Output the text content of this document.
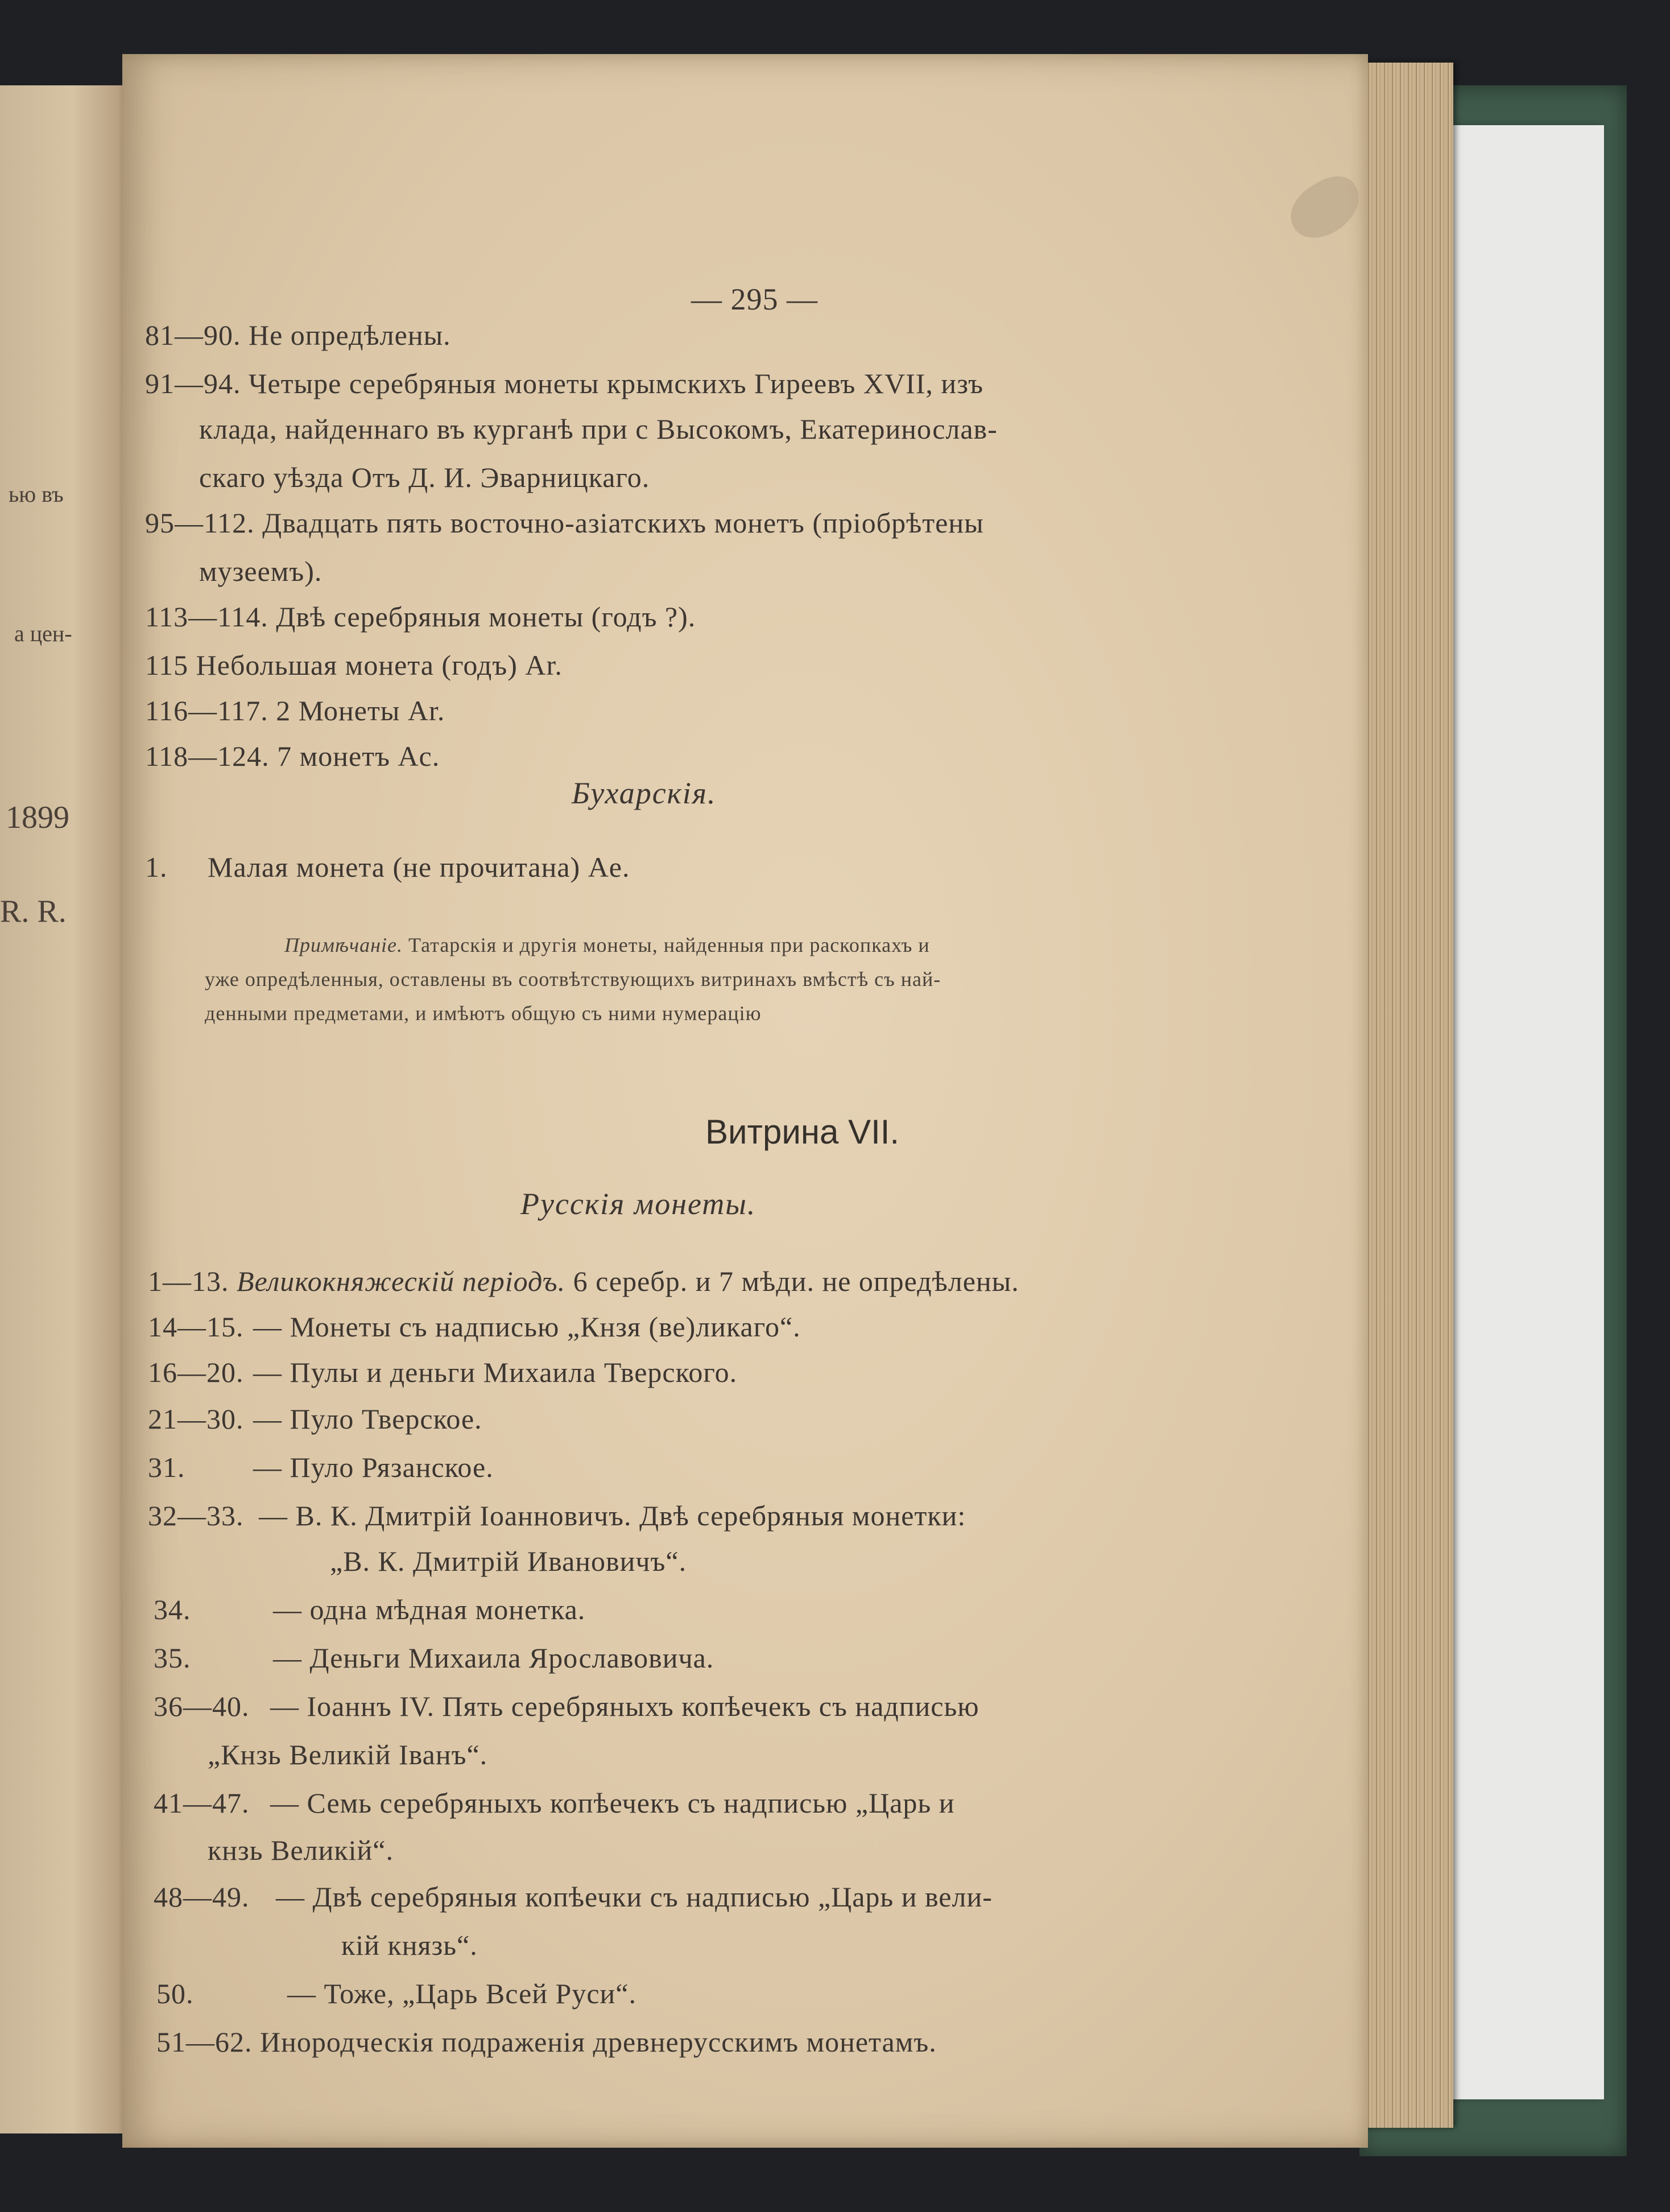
ью въ
а цен-
1899
R. R.
— 295 —
81—90. Не опредѣлены.
91—94. Четыре серебряныя монеты крымскихъ Гиреевъ XVII, изъ
клада, найденнаго въ курганѣ при с Высокомъ, Екатеринослав-
скаго уѣзда Отъ Д. И. Эварницкаго.
95—112. Двадцать пять восточно-азіатскихъ монетъ (пріобрѣтены
музеемъ).
113—114. Двѣ серебряныя монеты (годъ ?).
115 Небольшая монета (годъ) Ar.
116—117. 2 Монеты Ar.
118—124. 7 монетъ Ac.
Бухарскія.
1. Малая монета (не прочитана) Ae.
Примѣчаніе. Татарскія и другія монеты, найденныя при раскопкахъ и
уже опредѣленныя, оставлены въ соотвѣтствующихъ витринахъ вмѣстѣ съ най-
денными предметами, и имѣютъ общую съ ними нумерацію
Витрина VII.
Русскія монеты.
1—13. Великокняжескій періодъ. 6 серебр. и 7 мѣди. не опредѣлены.
14—15. — Монеты съ надписью „Кнзя (ве)ликаго“.
16—20. — Пулы и деньги Михаила Тверского.
21—30. — Пуло Тверское.
31. — Пуло Рязанское.
32—33. — В. К. Дмитрій Іоанновичъ. Двѣ серебряныя монетки:
„В. К. Дмитрій Ивановичъ“.
34.	— одна мѣдная монетка.
35.	— Деньги Михаила Ярославовича.
36—40. — Іоаннъ IV. Пять серебряныхъ копѣечекъ съ надписью
„Кнзь Великій Іванъ“.
41—47. — Семь серебряныхъ копѣечекъ съ надписью „Царь и
кнзь Великій“.
48—49. — Двѣ серебряныя копѣечки съ надписью „Царь и вели-
кій князь“.
50.	— Тоже, „Царь Всей Руси“.
51—62. Инородческія подраженія древнерусскимъ монетамъ.
